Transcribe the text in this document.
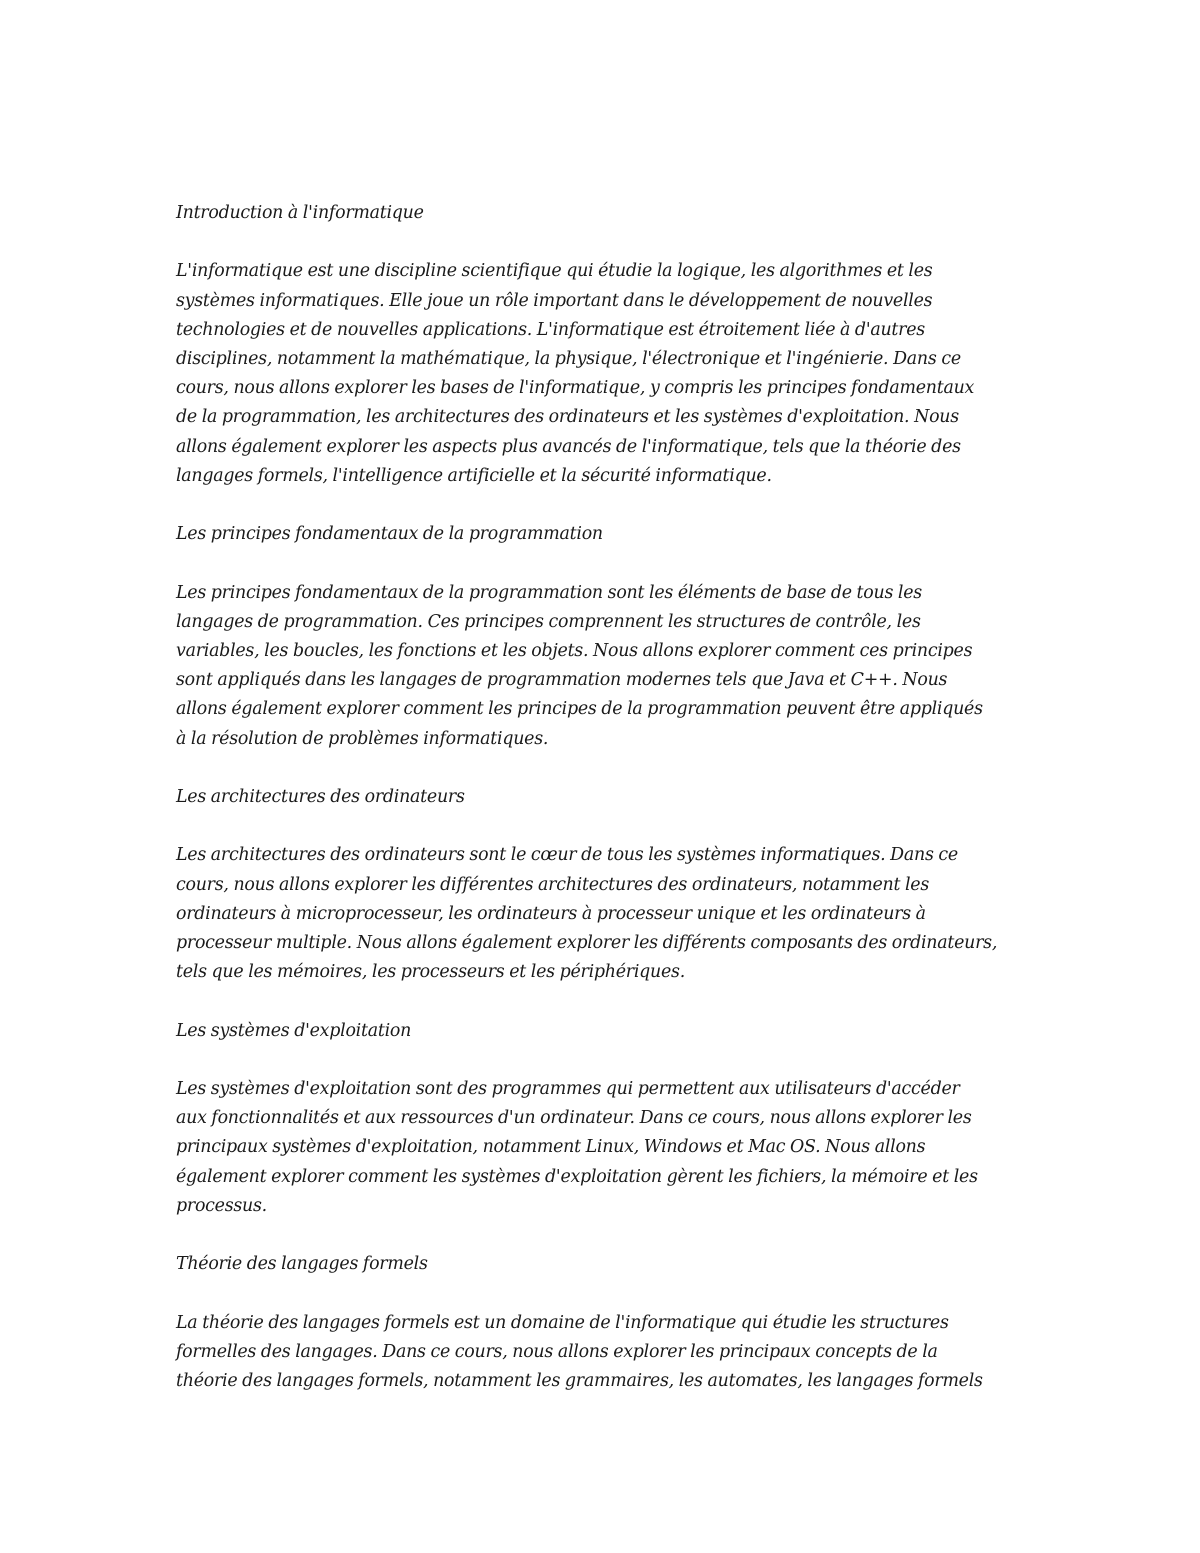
Introduction à l'informatique
L'informatique est une discipline scientifique qui étudie la logique, les algorithmes et les
systèmes informatiques. Elle joue un rôle important dans le développement de nouvelles
technologies et de nouvelles applications. L'informatique est étroitement liée à d'autres
disciplines, notamment la mathématique, la physique, l'électronique et l'ingénierie. Dans ce
cours, nous allons explorer les bases de l'informatique, y compris les principes fondamentaux
de la programmation, les architectures des ordinateurs et les systèmes d'exploitation. Nous
allons également explorer les aspects plus avancés de l'informatique, tels que la théorie des
langages formels, l'intelligence artificielle et la sécurité informatique.
Les principes fondamentaux de la programmation
Les principes fondamentaux de la programmation sont les éléments de base de tous les
langages de programmation. Ces principes comprennent les structures de contrôle, les
variables, les boucles, les fonctions et les objets. Nous allons explorer comment ces principes
sont appliqués dans les langages de programmation modernes tels que Java et C++. Nous
allons également explorer comment les principes de la programmation peuvent être appliqués
à la résolution de problèmes informatiques.
Les architectures des ordinateurs
Les architectures des ordinateurs sont le cœur de tous les systèmes informatiques. Dans ce
cours, nous allons explorer les différentes architectures des ordinateurs, notamment les
ordinateurs à microprocesseur, les ordinateurs à processeur unique et les ordinateurs à
processeur multiple. Nous allons également explorer les différents composants des ordinateurs,
tels que les mémoires, les processeurs et les périphériques.
Les systèmes d'exploitation
Les systèmes d'exploitation sont des programmes qui permettent aux utilisateurs d'accéder
aux fonctionnalités et aux ressources d'un ordinateur. Dans ce cours, nous allons explorer les
principaux systèmes d'exploitation, notamment Linux, Windows et Mac OS. Nous allons
également explorer comment les systèmes d'exploitation gèrent les fichiers, la mémoire et les
processus.
Théorie des langages formels
La théorie des langages formels est un domaine de l'informatique qui étudie les structures
formelles des langages. Dans ce cours, nous allons explorer les principaux concepts de la
théorie des langages formels, notamment les grammaires, les automates, les langages formels
